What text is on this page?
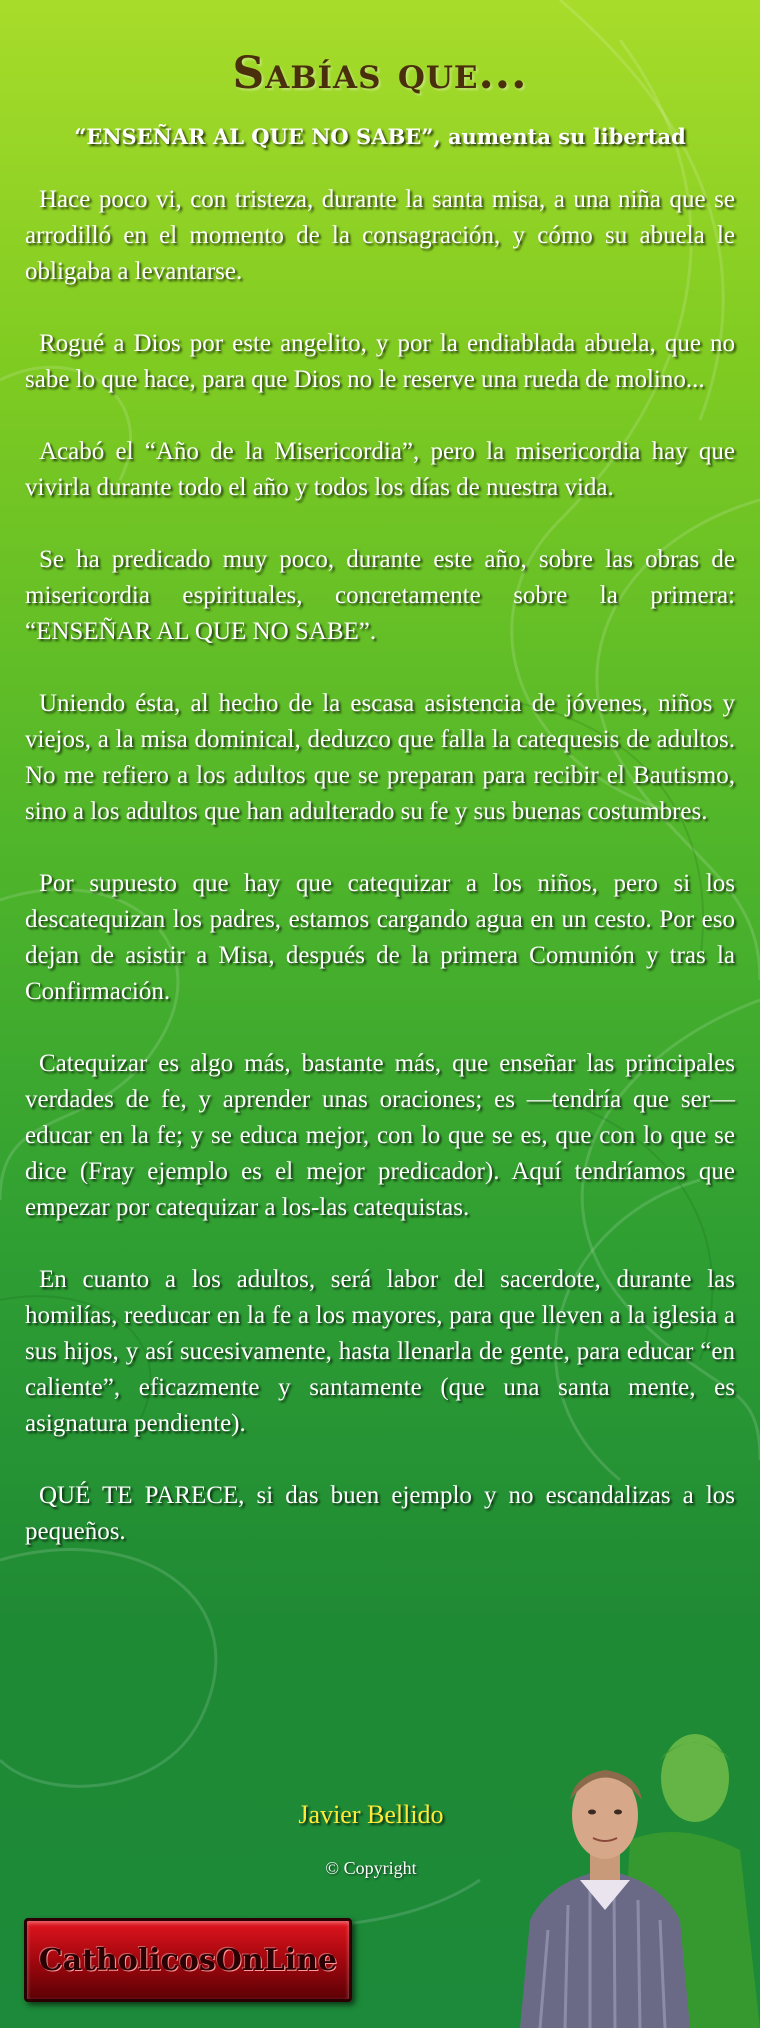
Sabías que...
“ENSEÑAR AL QUE NO SABE”, aumenta su libertad

Hace poco vi, con tristeza, durante la santa misa, a una niña que se arrodilló en el momento de la consagración, y cómo su abuela le obligaba a levantarse.

Rogué a Dios por este angelito, y por la endiablada abuela, que no sabe lo que hace, para que Dios no le reserve una rueda de molino...

Acabó el “Año de la Misericordia”, pero la misericordia hay que vivirla durante todo el año y todos los días de nuestra vida.

Se ha predicado muy poco, durante este año, sobre las obras de misericordia espirituales, concretamente sobre la primera: “ENSEÑAR AL QUE NO SABE”.

Uniendo ésta, al hecho de la escasa asistencia de jóvenes, niños y viejos, a la misa dominical, deduzco que falla la catequesis de adultos. No me refiero a los adultos que se preparan para recibir el Bautismo, sino a los adultos que han adulterado su fe y sus buenas costumbres.

Por supuesto que hay que catequizar a los niños, pero si los descatequizan los padres, estamos cargando agua en un cesto. Por eso dejan de asistir a Misa, después de la primera Comunión y tras la Confirmación.

Catequizar es algo más, bastante más, que enseñar las principales verdades de fe, y aprender unas oraciones; es —tendría que ser— educar en la fe; y se educa mejor, con lo que se es, que con lo que se dice (Fray ejemplo es el mejor predicador). Aquí tendríamos que empezar por catequizar a los-las catequistas.

En cuanto a los adultos, será labor del sacerdote, durante las homilías, reeducar en la fe a los mayores, para que lleven a la iglesia a sus hijos, y así sucesivamente, hasta llenarla de gente, para educar “en caliente”, eficazmente y santamente (que una santa mente, es asignatura pendiente).

QUÉ TE PARECE, si das buen ejemplo y no escandalizas a los pequeños.

Javier Bellido
© Copyright
CatholicosOnLine
